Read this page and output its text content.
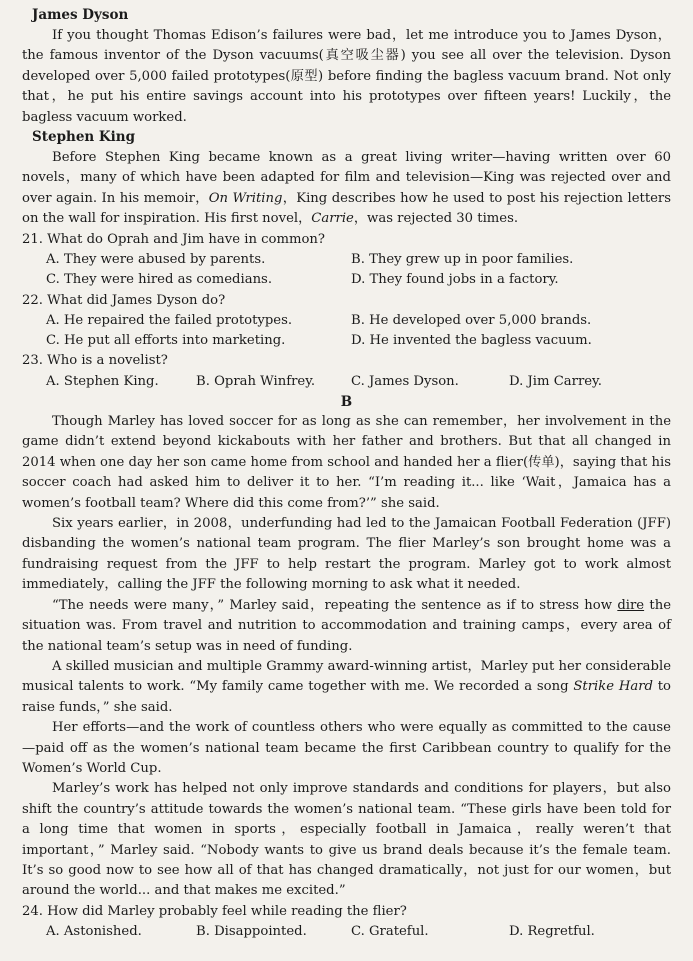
James Dyson

If you thought Thomas Edison’s failures were bad，let me introduce you to James Dyson，the famous inventor of the Dyson vacuums(真空吸尘器) you see all over the television. Dyson developed over 5,000 failed prototypes(原型) before finding the bagless vacuum brand. Not only that，he put his entire savings account into his prototypes over fifteen years! Luckily，the bagless vacuum worked.

Stephen King

Before Stephen King became known as a great living writer—having written over 60 novels，many of which have been adapted for film and television—King was rejected over and over again. In his memoir，On Writing，King describes how he used to post his rejection letters on the wall for inspiration. His first novel，Carrie，was rejected 30 times.

21. What do Oprah and Jim have in common?
A. They were abused by parents.	B. They grew up in poor families.
C. They were hired as comedians.	D. They found jobs in a factory.
22. What did James Dyson do?
A. He repaired the failed prototypes.	B. He developed over 5,000 brands.
C. He put all efforts into marketing.	D. He invented the bagless vacuum.
23. Who is a novelist?
A. Stephen King.	B. Oprah Winfrey.	C. James Dyson.	D. Jim Carrey.
B

Though Marley has loved soccer for as long as she can remember，her involvement in the game didn’t extend beyond kickabouts with her father and brothers. But that all changed in 2014 when one day her son came home from school and handed her a flier(传单)，saying that his soccer coach had asked him to deliver it to her. “I’m reading it... like ‘Wait，Jamaica has a women’s football team? Where did this come from?’” she said.

Six years earlier，in 2008，underfunding had led to the Jamaican Football Federation (JFF) disbanding the women’s national team program. The flier Marley’s son brought home was a fundraising request from the JFF to help restart the program. Marley got to work almost immediately，calling the JFF the following morning to ask what it needed.

“The needs were many，” Marley said，repeating the sentence as if to stress how dire the situation was. From travel and nutrition to accommodation and training camps，every area of the national team’s setup was in need of funding.

A skilled musician and multiple Grammy award-winning artist，Marley put her considerable musical talents to work. “My family came together with me. We recorded a song Strike Hard to raise funds，” she said.

Her efforts—and the work of countless others who were equally as committed to the cause—paid off as the women’s national team became the first Caribbean country to qualify for the Women’s World Cup.

Marley’s work has helped not only improve standards and conditions for players，but also shift the country’s attitude towards the women’s national team. “These girls have been told for a long time that women in sports，especially football in Jamaica，really weren’t that important，” Marley said. “Nobody wants to give us brand deals because it’s the female team. It’s so good now to see how all of that has changed dramatically，not just for our women，but around the world... and that makes me excited.”

24. How did Marley probably feel while reading the flier?
A. Astonished.	B. Disappointed.	C. Grateful.	D. Regretful.
